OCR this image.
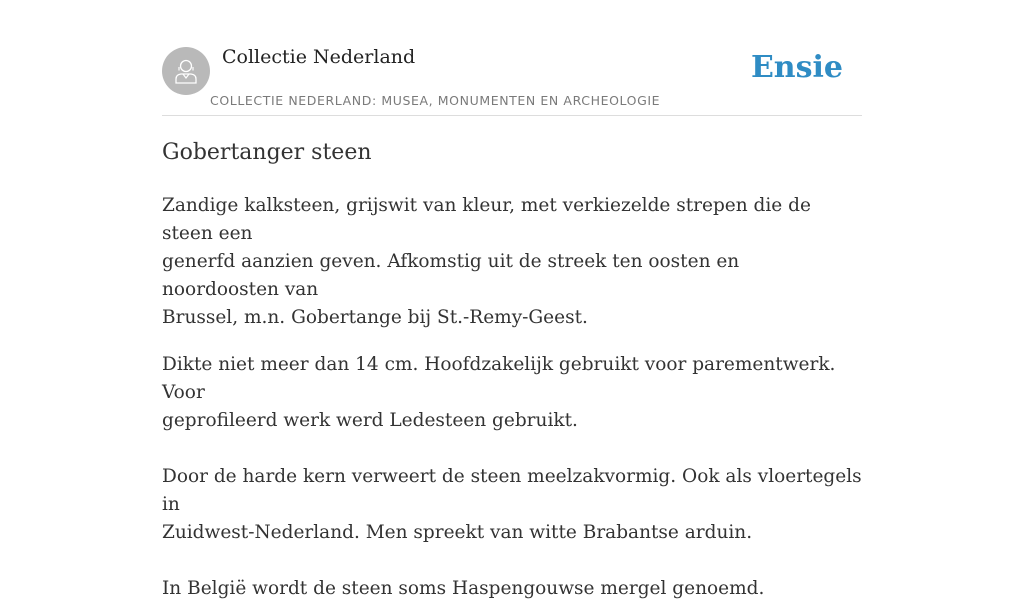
Collectie Nederland
COLLECTIE NEDERLAND: MUSEA, MONUMENTEN EN ARCHEOLOGIE
Ensie
Gobertanger steen

Zandige kalksteen, grijswit van kleur, met verkiezelde strepen die de steen een
generfd aanzien geven. Afkomstig uit de streek ten oosten en noordoosten van
Brussel, m.n. Gobertange bij St.-Remy-Geest.

Dikte niet meer dan 14 cm. Hoofdzakelijk gebruikt voor parementwerk. Voor
geprofileerd werk werd Ledesteen gebruikt.

Door de harde kern verweert de steen meelzakvormig. Ook als vloertegels in
Zuidwest-Nederland. Men spreekt van witte Brabantse arduin.

In België wordt de steen soms Haspengouwse mergel genoemd.
